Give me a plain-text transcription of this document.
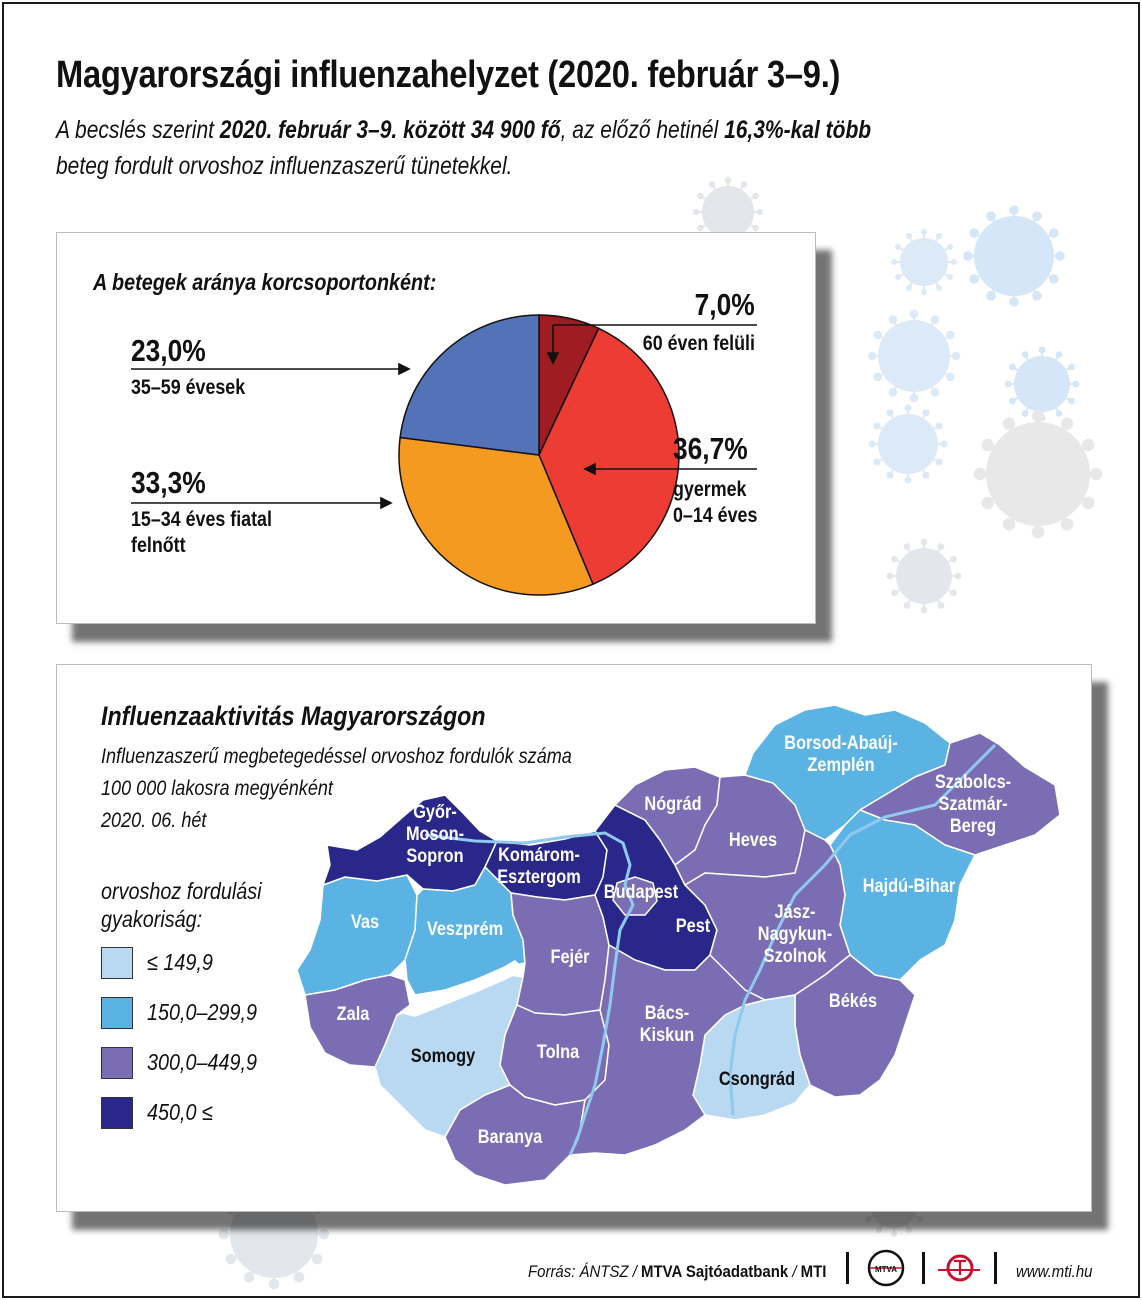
Magyarországi influenzahelyzet (2020. február 3–9.)
A becslés szerint 2020. február 3–9. között 34 900 fő, az előző hetinél 16,3%-kal több
beteg fordult orvoshoz influenzaszerű tünetekkel.
A betegek aránya korcsoportonként:
7,0%
60 éven felüli
23,0%
35–59 évesek
33,3%
15–34 éves fiatal
felnőtt
36,7%
gyermek
0–14 éves
Influenzaaktivitás Magyarországon
Influenzaszerű megbetegedéssel orvoshoz fordulók száma
100 000 lakosra megyénként
2020. 06. hét
orvoshoz fordulási
gyakoriság:
≤ 149,9
150,0–299,9
300,0–449,9
450,0 ≤
Győr-
Moson-
Sopron	Komárom-
Esztergom
Budapest
Pest
Nógrád
Heves
Borsod-Abaúj-
Zemplén
Szabolcs-
Szatmár-
Bereg
Hajdú-Bihar
Jász-
Nagykun-
Szolnok
Békés
Csongrád
Bács-
Kiskun
Fejér
Veszprém
Vas
Zala
Somogy	Tolna
Baranya
Forrás: ÁNTSZ / MTVA Sajtóadatbank / MTI	MTVA	www.mti.hu
